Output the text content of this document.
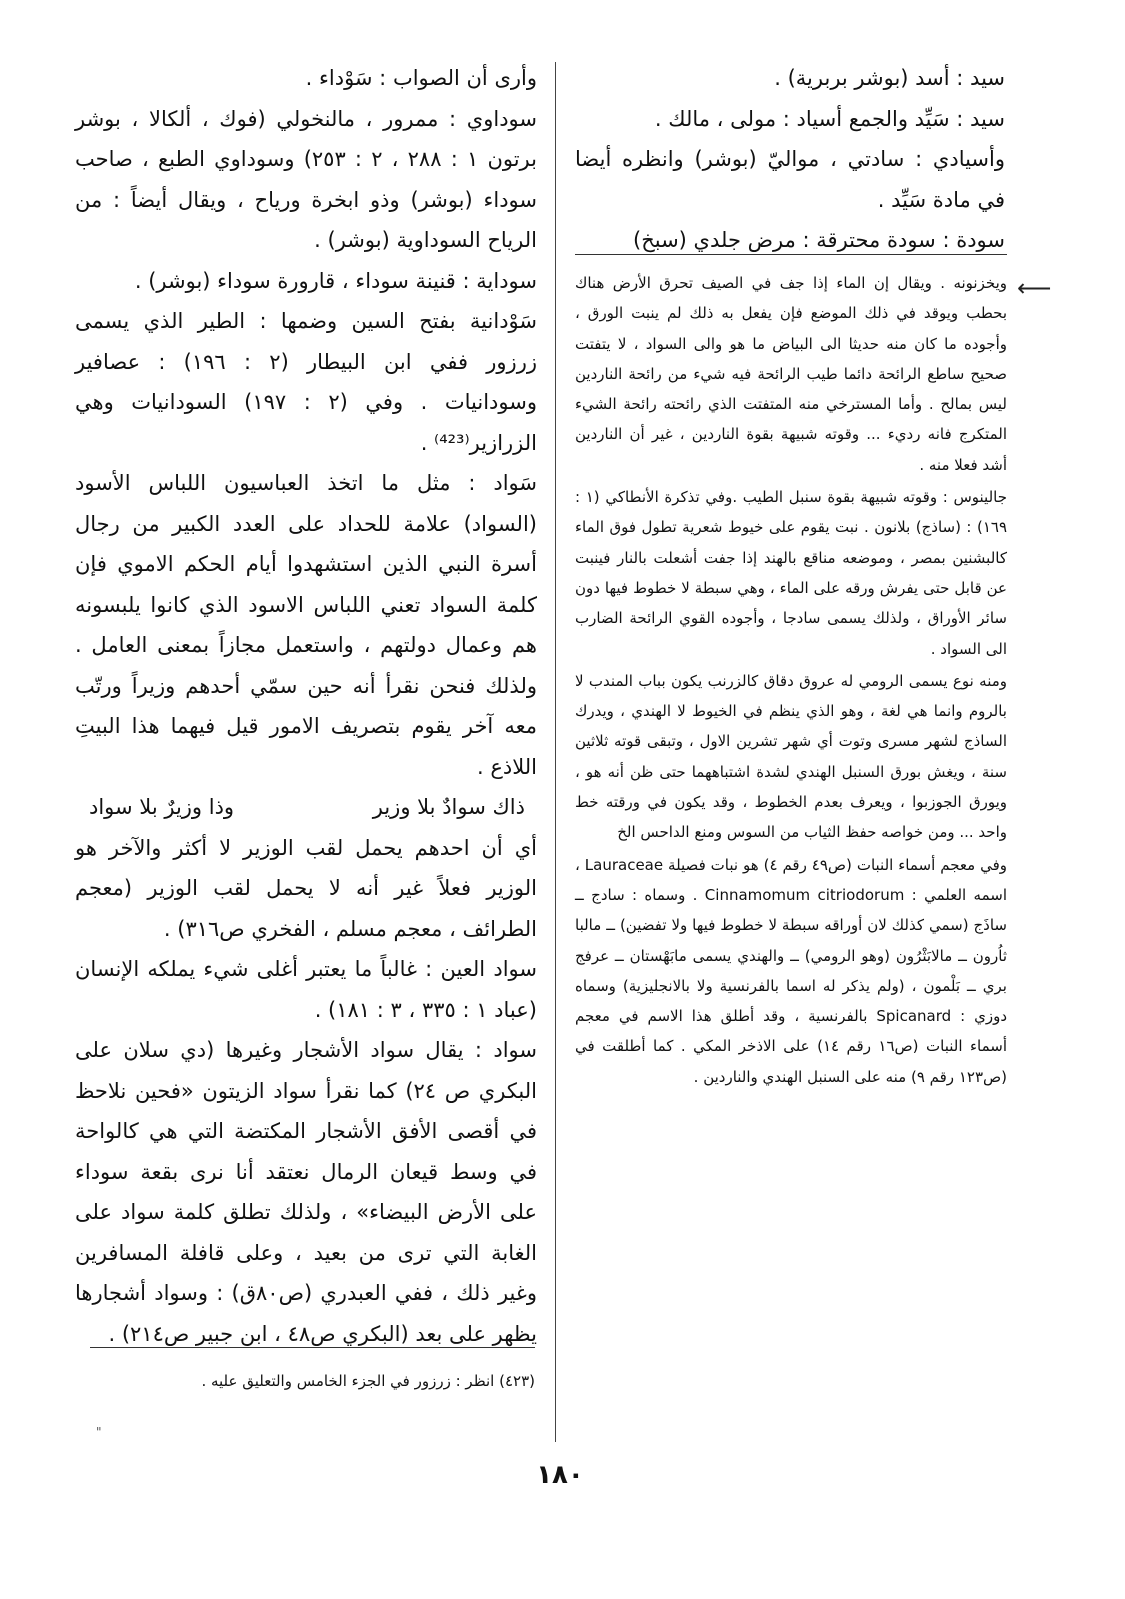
سيد : أسد (بوشر بربرية) .

سيد : سَيِّد والجمع أسياد : مولى ، مالك .

وأسيادي : سادتي ، مواليّ (بوشر) وانظره أيضا في مادة سَيِّد .

سودة : سودة محترقة : مرض جلدي (سبخ)

⟵

ويخزنونه . ويقال إن الماء إذا جف في الصيف تحرق الأرض هناك بحطب ويوقد في ذلك الموضع فإن يفعل به ذلك لم ينبت الورق ، وأجوده ما كان منه حديثا الى البياض ما هو والى السواد ، لا يتفتت صحيح ساطع الرائحة دائما طيب الرائحة فيه شيء من رائحة الناردين ليس بمالح . وأما المسترخي منه المتفتت الذي رائحته رائحة الشيء المتكرج فانه رديء ... وقوته شبيهة بقوة الناردين ، غير أن الناردين أشد فعلا منه .

جالينوس : وقوته شبيهة بقوة سنبل الطيب .وفي تذكرة الأنطاكي (١ : ١٦٩) : (ساذج) بلانون . نبت يقوم على خيوط شعرية تطول فوق الماء كالبشنين بمصر ، وموضعه مناقع بالهند إذا جفت أشعلت بالنار فينبت عن قابل حتى يفرش ورقه على الماء ، وهي سبطة لا خطوط فيها دون سائر الأوراق ، ولذلك يسمى سادجا ، وأجوده القوي الرائحة الضارب الى السواد .

ومنه نوع يسمى الرومي له عروق دقاق كالزرنب يكون بباب المندب لا بالروم وانما هي لغة ، وهو الذي ينظم في الخيوط لا الهندي ، ويدرك الساذج لشهر مسرى وتوت أي شهر تشرين الاول ، وتبقى قوته ثلاثين سنة ، ويغش بورق السنبل الهندي لشدة اشتباههما حتى ظن أنه هو ، ويورق الجوزبوا ، ويعرف بعدم الخطوط ، وقد يكون في ورقته خط واحد ... ومن خواصه حفظ الثياب من السوس ومنع الداحس الخ

وفي معجم أسماء النبات (ص٤٩ رقم ٤) هو نبات فصيلة Lauraceae ، اسمه العلمي : Cinnamomum citriodorum . وسماه : سادج ــ ساذَج (سمي كذلك لان أوراقه سبطة لا خطوط فيها ولا تفضين) ــ مالبا ثاُرون ــ مالابَثْرُون (وهو الرومي) ــ والهندي يسمى مابَهْستان ــ عرفج بري ــ بَلْمون ، (ولم يذكر له اسما بالفرنسية ولا بالانجليزية) وسماه دوزي : Spicanard بالفرنسية ، وقد أطلق هذا الاسم في معجم أسماء النبات (ص١٦ رقم ١٤) على الاذخر المكي . كما أطلقت في (ص١٢٣ رقم ٩) منه على السنبل الهندي والناردين .

وأرى أن الصواب : سَوْداء .

سوداوي : ممرور ، مالنخولي (فوك ، ألكالا ، بوشر برتون ١ : ٢٨٨ ، ٢ : ٢٥٣) وسوداوي الطبع ، صاحب سوداء (بوشر) وذو ابخرة ورياح ، ويقال أيضاً : من الرياح السوداوية (بوشر) .

سوداية : قنينة سوداء ، قارورة سوداء (بوشر) .

سَوْدانية بفتح السين وضمها : الطير الذي يسمى زرزور ففي ابن البيطار (٢ : ١٩٦) : عصافير وسودانيات . وفي (٢ : ١٩٧) السودانيات وهي الزرازير⁽⁴²³⁾ .

سَواد : مثل ما اتخذ العباسيون اللباس الأسود (السواد) علامة للحداد على العدد الكبير من رجال أسرة النبي الذين استشهدوا أيام الحكم الاموي فإن كلمة السواد تعني اللباس الاسود الذي كانوا يلبسونه هم وعمال دولتهم ، واستعمل مجازاً بمعنى العامل . ولذلك فنحن نقرأ أنه حين سمّي أحدهم وزيراً ورتّب معه آخر يقوم بتصريف الامور قيل فيهما هذا البيتِ اللاذع .

ذاك سوادٌ بلا وزير
وذا وزيرٌ بلا سواد

أي أن احدهم يحمل لقب الوزير لا أكثر والآخر هو الوزير فعلاً غير أنه لا يحمل لقب الوزير (معجم الطرائف ، معجم مسلم ، الفخري ص٣١٦) .

سواد العين : غالباً ما يعتبر أغلى شيء يملكه الإنسان (عباد ١ : ٣٣٥ ، ٣ : ١٨١) .

سواد : يقال سواد الأشجار وغيرها (دي سلان على البكري ص ٢٤) كما نقرأ سواد الزيتون «فحين نلاحظ في أقصى الأفق الأشجار المكتضة التي هي كالواحة في وسط قيعان الرمال نعتقد أنا نرى بقعة سوداء على الأرض البيضاء» ، ولذلك تطلق كلمة سواد على الغابة التي ترى من بعيد ، وعلى قافلة المسافرين وغير ذلك ، ففي العبدري (ص٨٠ق) : وسواد أشجارها يظهر على بعد (البكري ص٤٨ ، ابن جبير ص٢١٤) .

(٤٢٣) انظر : زرزور في الجزء الخامس والتعليق عليه .
"
١٨٠
